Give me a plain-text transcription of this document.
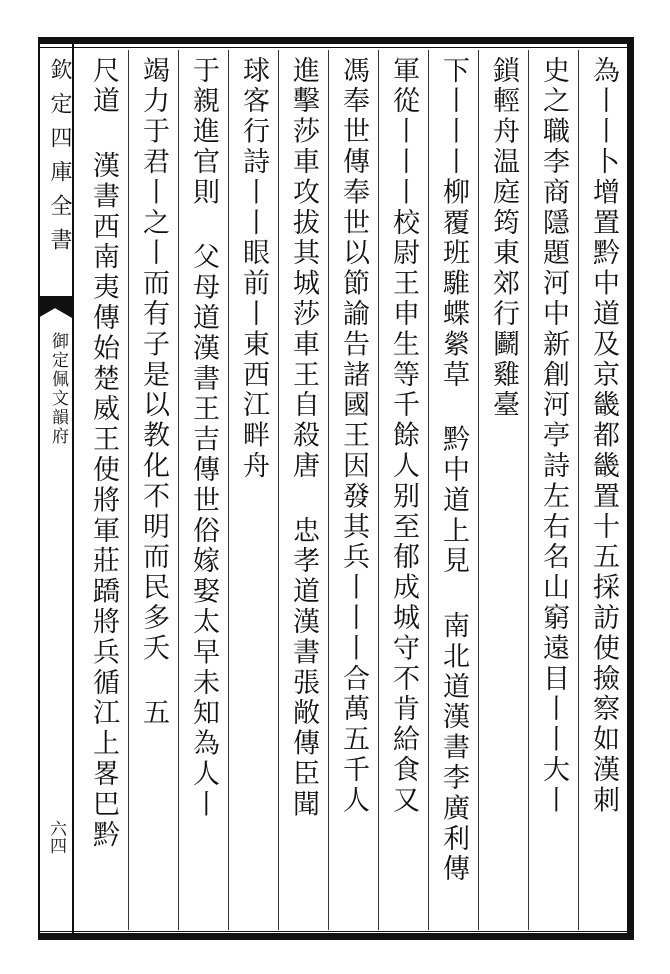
欽定四庫全書
御定佩文韻府
六四
為丨丨卜增置黔中道及京畿都畿置十五採訪使撿察如漢刺
史之職李商隱題河中新創河亭詩左右名山窮遠目丨丨大丨
鎖輕舟温庭筠東郊行鬬雞臺
下丨丨丨柳覆班騅蝶縈草 黔中道上見 南北道漢書李廣利傳
軍從丨丨丨校尉王申生等千餘人别至郁成城守不肯給食又
馮奉世傳奉世以節諭告諸國王因發其兵丨丨丨合萬五千人
進擊莎車攻拔其城莎車王自殺唐 忠孝道漢書張敞傳臣聞
球客行詩丨丨眼前丨東西江畔舟
于親進官則 父母道漢書王吉傳世俗嫁娶太早未知為人丨
竭力于君丨之丨而有子是以教化不明而民多夭 五
尺道 漢書西南夷傳始楚威王使將軍莊蹻將兵循江上畧巴黔
